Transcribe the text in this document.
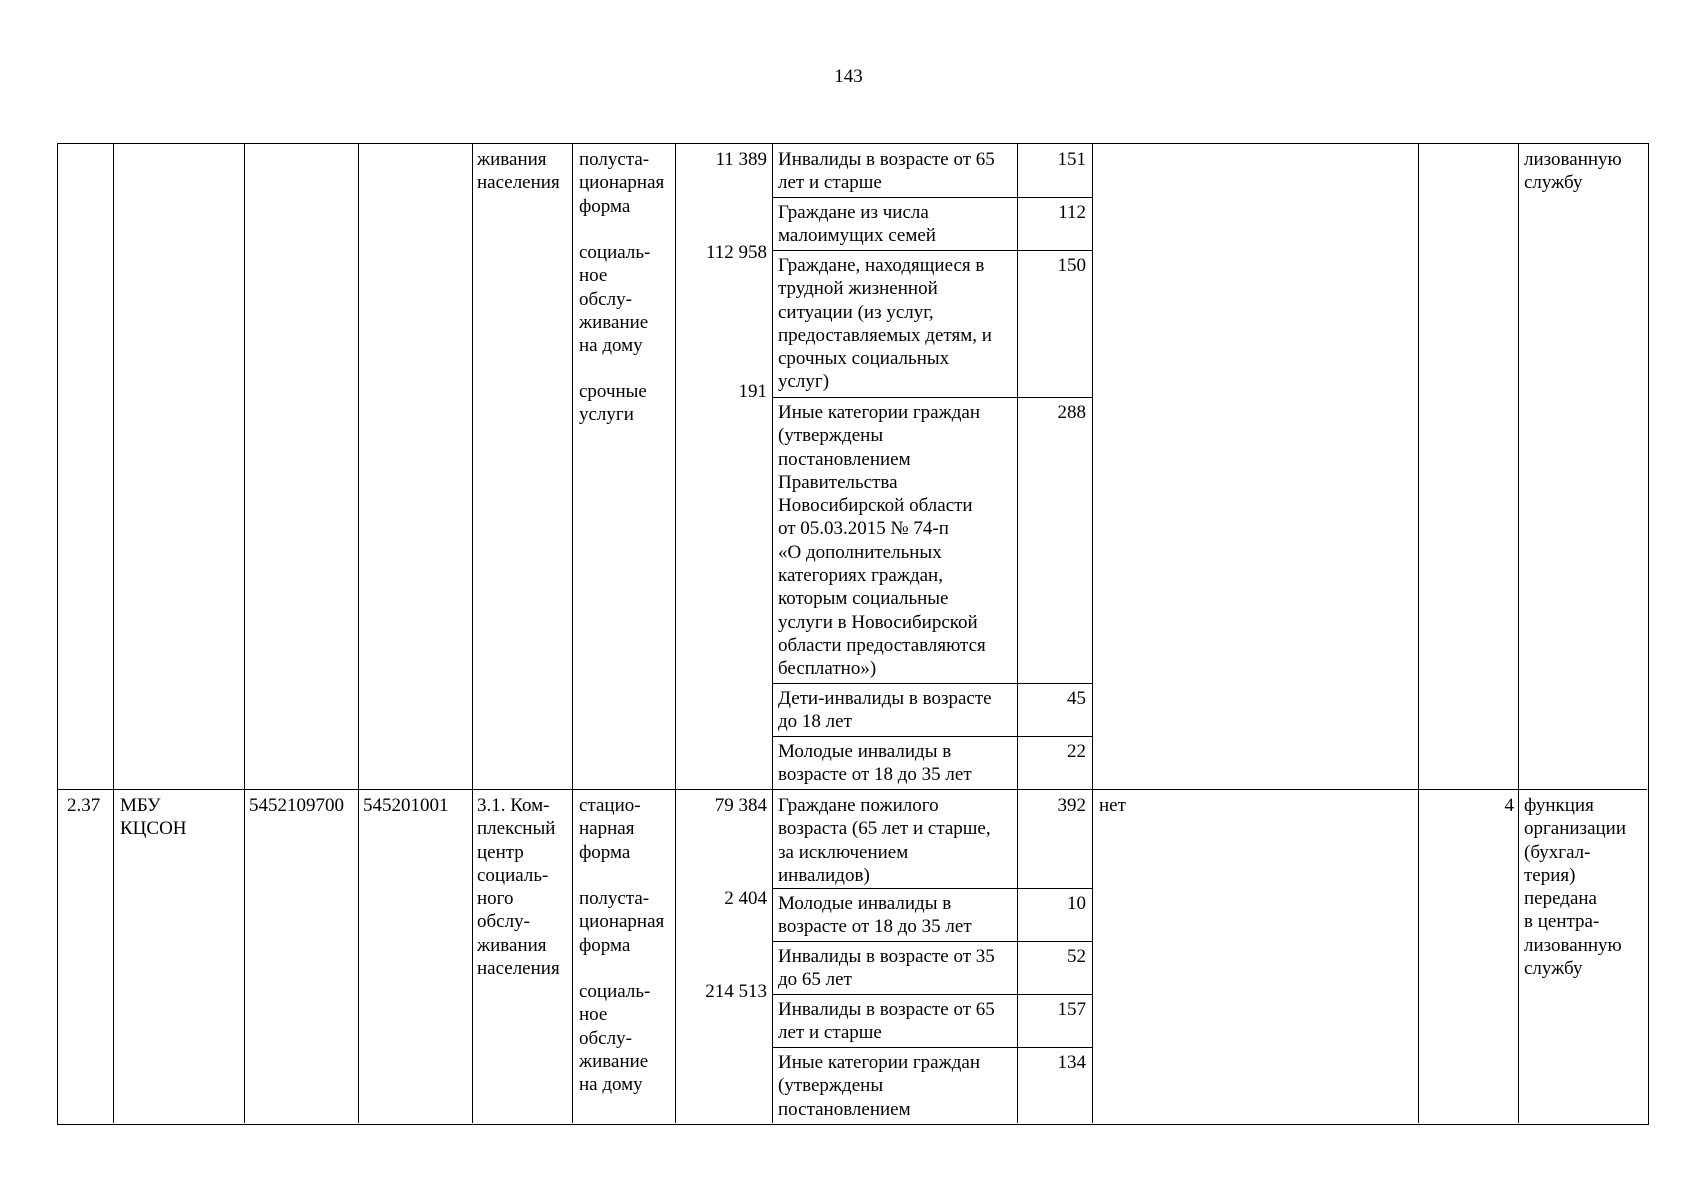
143
живания
населения
полуста-
ционарная
форма
социаль-
ное
обслу-
живание
на дому
срочные
услуги
11 389
112 958
191
Инвалиды в возрасте от 65
лет и старше
Граждане из числа
малоимущих семей
Граждане, находящиеся в
трудной жизненной
ситуации (из услуг,
предоставляемых детям, и
срочных социальных
услуг)
Иные категории граждан
(утверждены
постановлением
Правительства
Новосибирской области
от 05.03.2015 № 74-п
«О дополнительных
категориях граждан,
которым социальные
услуги в Новосибирской
области предоставляются
бесплатно»)
Дети-инвалиды в возрасте
до 18 лет
Молодые инвалиды в
возрасте от 18 до 35 лет
151
112
150
288
45
22
лизованную
службу
2.37 МБУ
КЦСОН
5452109700 545201001 3.1. Ком-
плексный
центр
социаль-
ного
обслу-
живания
населения
стацио-
нарная
форма
полуста-
ционарная
форма
социаль-
ное
обслу-
живание
на дому
79 384
2 404
214 513
Граждане пожилого
возраста (65 лет и старше,
за исключением
инвалидов)
Молодые инвалиды в
возрасте от 18 до 35 лет
Инвалиды в возрасте от 35
до 65 лет
Инвалиды в возрасте от 65
лет и старше
Иные категории граждан
(утверждены
постановлением
392
10
52
157
134
нет	4 функция
организации
(бухгал-
терия)
передана
в центра-
лизованную
службу
